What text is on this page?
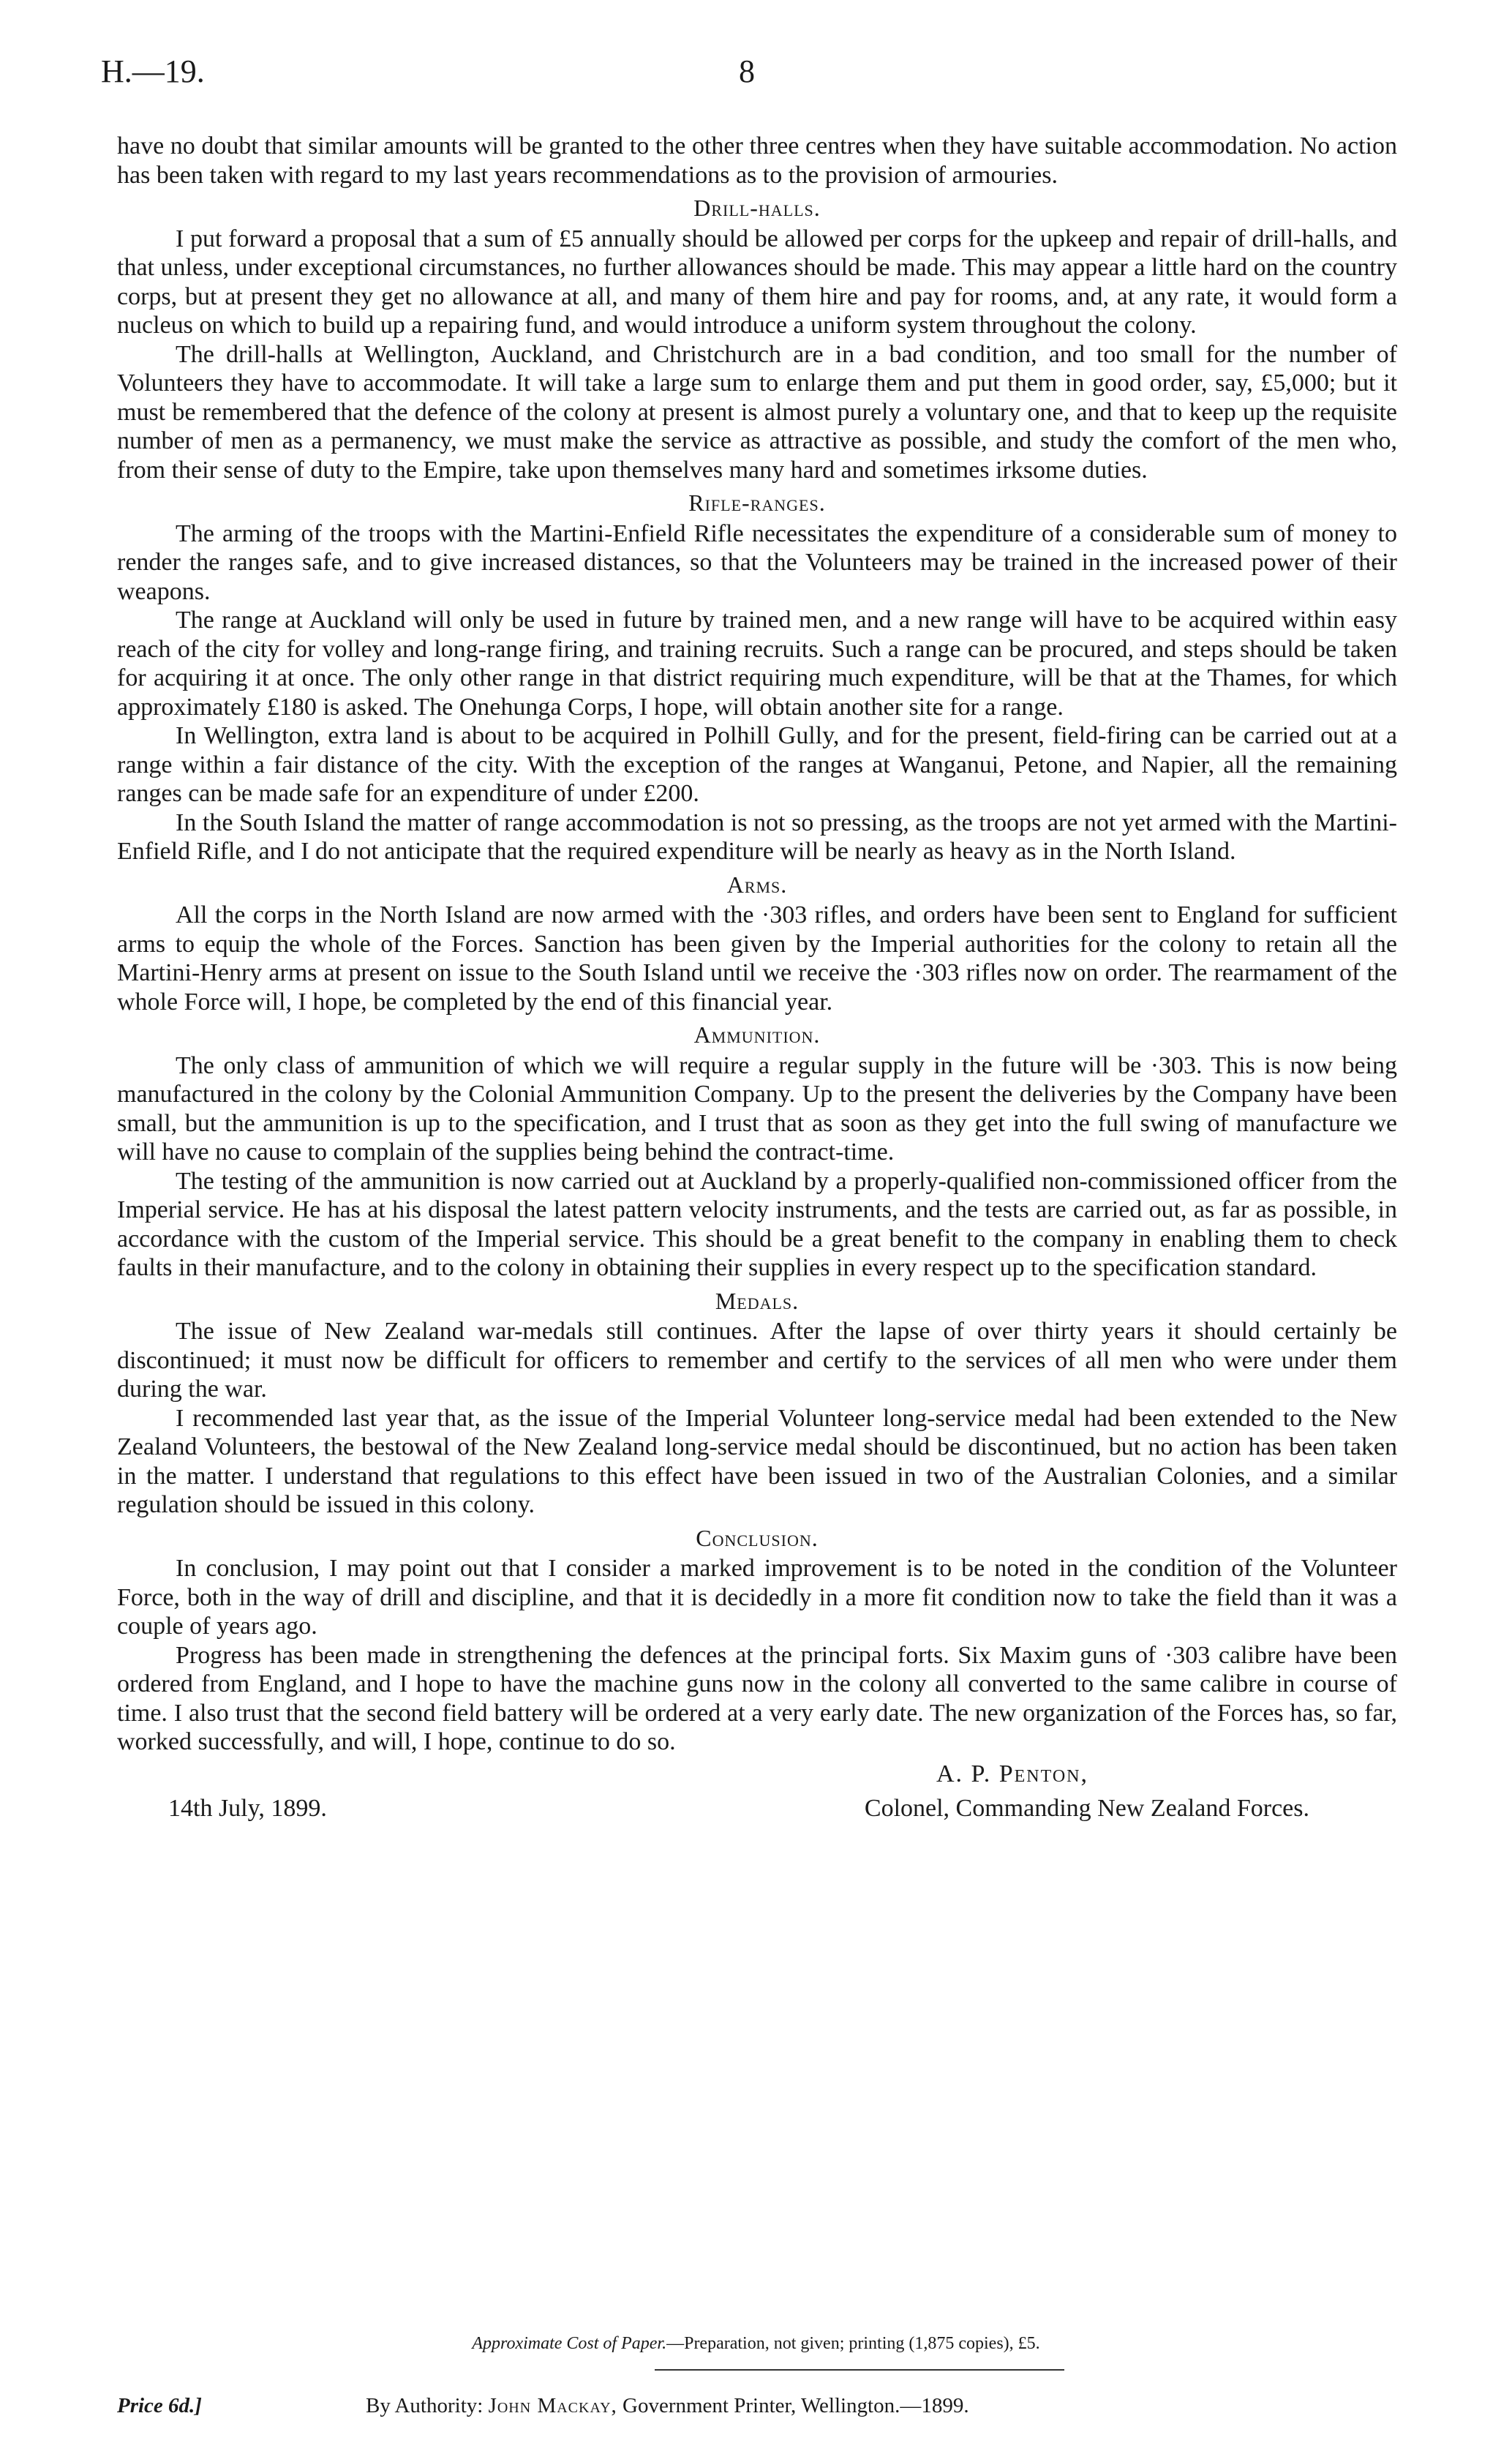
H.—19.	8

have no doubt that similar amounts will be granted to the other three centres when they have suitable accommodation. No action has been taken with regard to my last years recommendations as to the provision of armouries.

Drill-halls.

I put forward a proposal that a sum of £5 annually should be allowed per corps for the upkeep and repair of drill-halls, and that unless, under exceptional circumstances, no further allowances should be made. This may appear a little hard on the country corps, but at present they get no allowance at all, and many of them hire and pay for rooms, and, at any rate, it would form a nucleus on which to build up a repairing fund, and would introduce a uniform system throughout the colony.

The drill-halls at Wellington, Auckland, and Christchurch are in a bad condition, and too small for the number of Volunteers they have to accommodate. It will take a large sum to enlarge them and put them in good order, say, £5,000; but it must be remembered that the defence of the colony at present is almost purely a voluntary one, and that to keep up the requisite number of men as a permanency, we must make the service as attractive as possible, and study the comfort of the men who, from their sense of duty to the Empire, take upon themselves many hard and sometimes irksome duties.

Rifle-ranges.

The arming of the troops with the Martini-Enfield Rifle necessitates the expenditure of a considerable sum of money to render the ranges safe, and to give increased distances, so that the Volunteers may be trained in the increased power of their weapons.

The range at Auckland will only be used in future by trained men, and a new range will have to be acquired within easy reach of the city for volley and long-range firing, and training recruits. Such a range can be procured, and steps should be taken for acquiring it at once. The only other range in that district requiring much expenditure, will be that at the Thames, for which approximately £180 is asked. The Onehunga Corps, I hope, will obtain another site for a range.

In Wellington, extra land is about to be acquired in Polhill Gully, and for the present, field-firing can be carried out at a range within a fair distance of the city. With the exception of the ranges at Wanganui, Petone, and Napier, all the remaining ranges can be made safe for an expenditure of under £200.

In the South Island the matter of range accommodation is not so pressing, as the troops are not yet armed with the Martini-Enfield Rifle, and I do not anticipate that the required expenditure will be nearly as heavy as in the North Island.

Arms.

All the corps in the North Island are now armed with the ·303 rifles, and orders have been sent to England for sufficient arms to equip the whole of the Forces. Sanction has been given by the Imperial authorities for the colony to retain all the Martini-Henry arms at present on issue to the South Island until we receive the ·303 rifles now on order. The rearmament of the whole Force will, I hope, be completed by the end of this financial year.

Ammunition.

The only class of ammunition of which we will require a regular supply in the future will be ·303. This is now being manufactured in the colony by the Colonial Ammunition Company. Up to the present the deliveries by the Company have been small, but the ammunition is up to the specification, and I trust that as soon as they get into the full swing of manufacture we will have no cause to complain of the supplies being behind the contract-time.

The testing of the ammunition is now carried out at Auckland by a properly-qualified non-commissioned officer from the Imperial service. He has at his disposal the latest pattern velocity instruments, and the tests are carried out, as far as possible, in accordance with the custom of the Imperial service. This should be a great benefit to the company in enabling them to check faults in their manufacture, and to the colony in obtaining their supplies in every respect up to the specification standard.

Medals.

The issue of New Zealand war-medals still continues. After the lapse of over thirty years it should certainly be discontinued; it must now be difficult for officers to remember and certify to the services of all men who were under them during the war.

I recommended last year that, as the issue of the Imperial Volunteer long-service medal had been extended to the New Zealand Volunteers, the bestowal of the New Zealand long-service medal should be discontinued, but no action has been taken in the matter. I understand that regulations to this effect have been issued in two of the Australian Colonies, and a similar regulation should be issued in this colony.

Conclusion.

In conclusion, I may point out that I consider a marked improvement is to be noted in the condition of the Volunteer Force, both in the way of drill and discipline, and that it is decidedly in a more fit condition now to take the field than it was a couple of years ago.

Progress has been made in strengthening the defences at the principal forts. Six Maxim guns of ·303 calibre have been ordered from England, and I hope to have the machine guns now in the colony all converted to the same calibre in course of time. I also trust that the second field battery will be ordered at a very early date. The new organization of the Forces has, so far, worked successfully, and will, I hope, continue to do so.

A. P. Penton,
14th July, 1899.	Colonel, Commanding New Zealand Forces.
Approximate Cost of Paper.—Preparation, not given; printing (1,875 copies), £5.
Price 6d.]	By Authority: John Mackay, Government Printer, Wellington.—1899.
